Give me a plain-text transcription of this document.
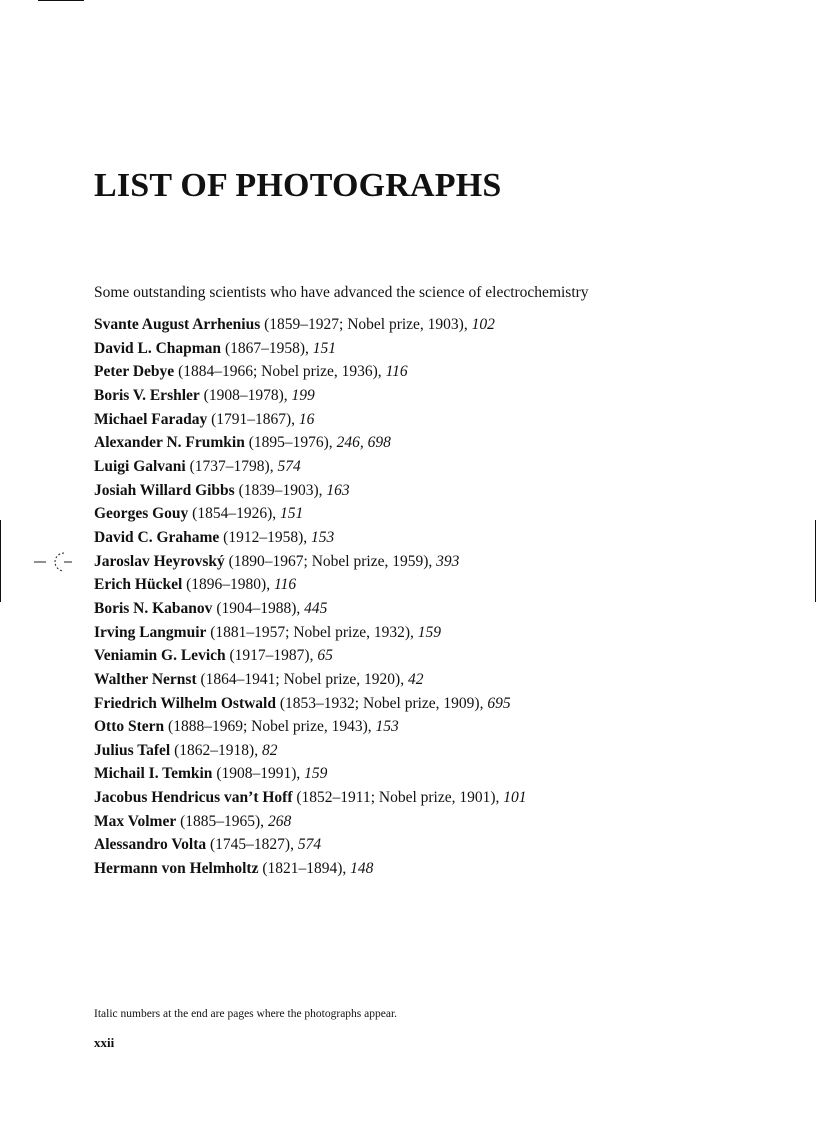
LIST OF PHOTOGRAPHS

Some outstanding scientists who have advanced the science of electrochemistry

Svante August Arrhenius (1859–1927; Nobel prize, 1903), 102
David L. Chapman (1867–1958), 151
Peter Debye (1884–1966; Nobel prize, 1936), 116
Boris V. Ershler (1908–1978), 199
Michael Faraday (1791–1867), 16
Alexander N. Frumkin (1895–1976), 246, 698
Luigi Galvani (1737–1798), 574
Josiah Willard Gibbs (1839–1903), 163
Georges Gouy (1854–1926), 151
David C. Grahame (1912–1958), 153
Jaroslav Heyrovský (1890–1967; Nobel prize, 1959), 393
Erich Hückel (1896–1980), 116
Boris N. Kabanov (1904–1988), 445
Irving Langmuir (1881–1957; Nobel prize, 1932), 159
Veniamin G. Levich (1917–1987), 65
Walther Nernst (1864–1941; Nobel prize, 1920), 42
Friedrich Wilhelm Ostwald (1853–1932; Nobel prize, 1909), 695
Otto Stern (1888–1969; Nobel prize, 1943), 153
Julius Tafel (1862–1918), 82
Michail I. Temkin (1908–1991), 159
Jacobus Hendricus van’t Hoff (1852–1911; Nobel prize, 1901), 101
Max Volmer (1885–1965), 268
Alessandro Volta (1745–1827), 574
Hermann von Helmholtz (1821–1894), 148

Italic numbers at the end are pages where the photographs appear.

xxii
